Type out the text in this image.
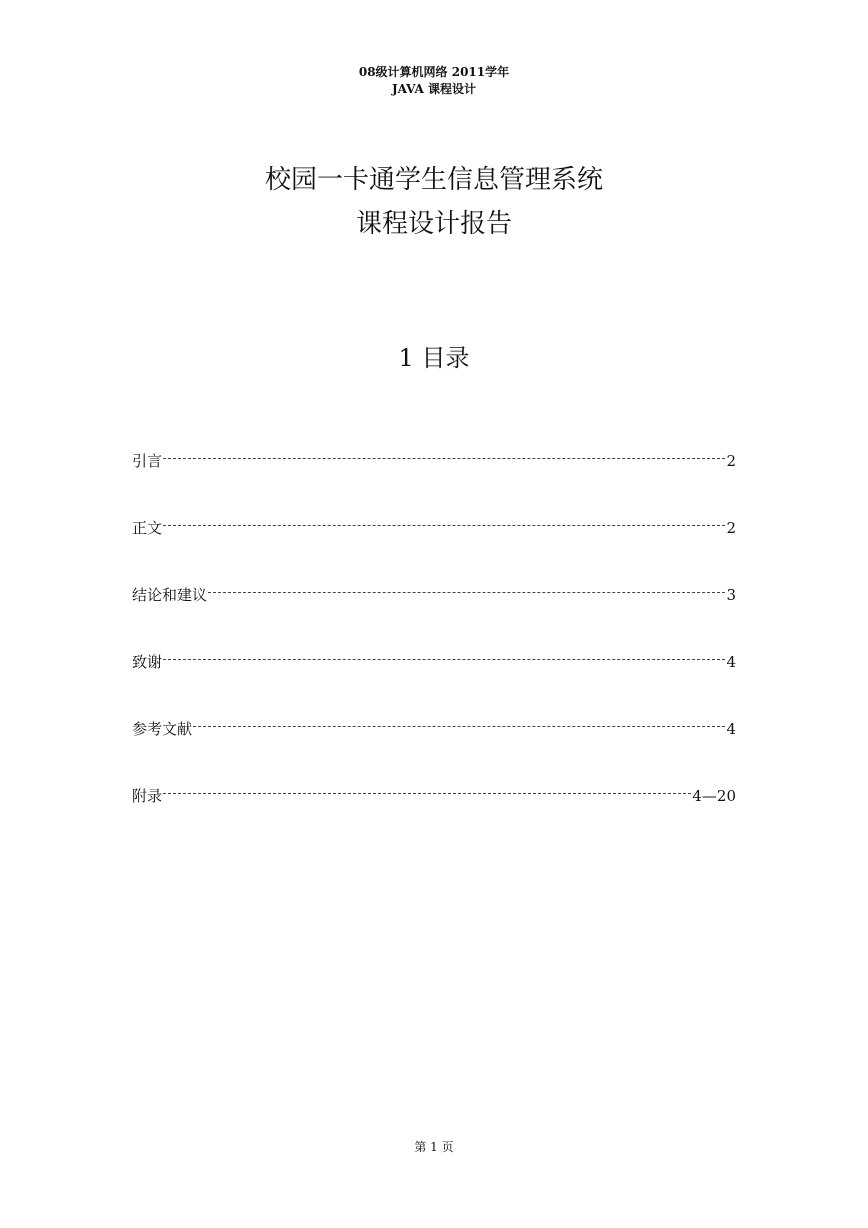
08级计算机网络 2011学年
JAVA 课程设计
校园一卡通学生信息管理系统
课程设计报告
1 目录
引言	2
正文	2
结论和建议	3
致谢	4
参考文献	4
附录	4—20
第 1 页
